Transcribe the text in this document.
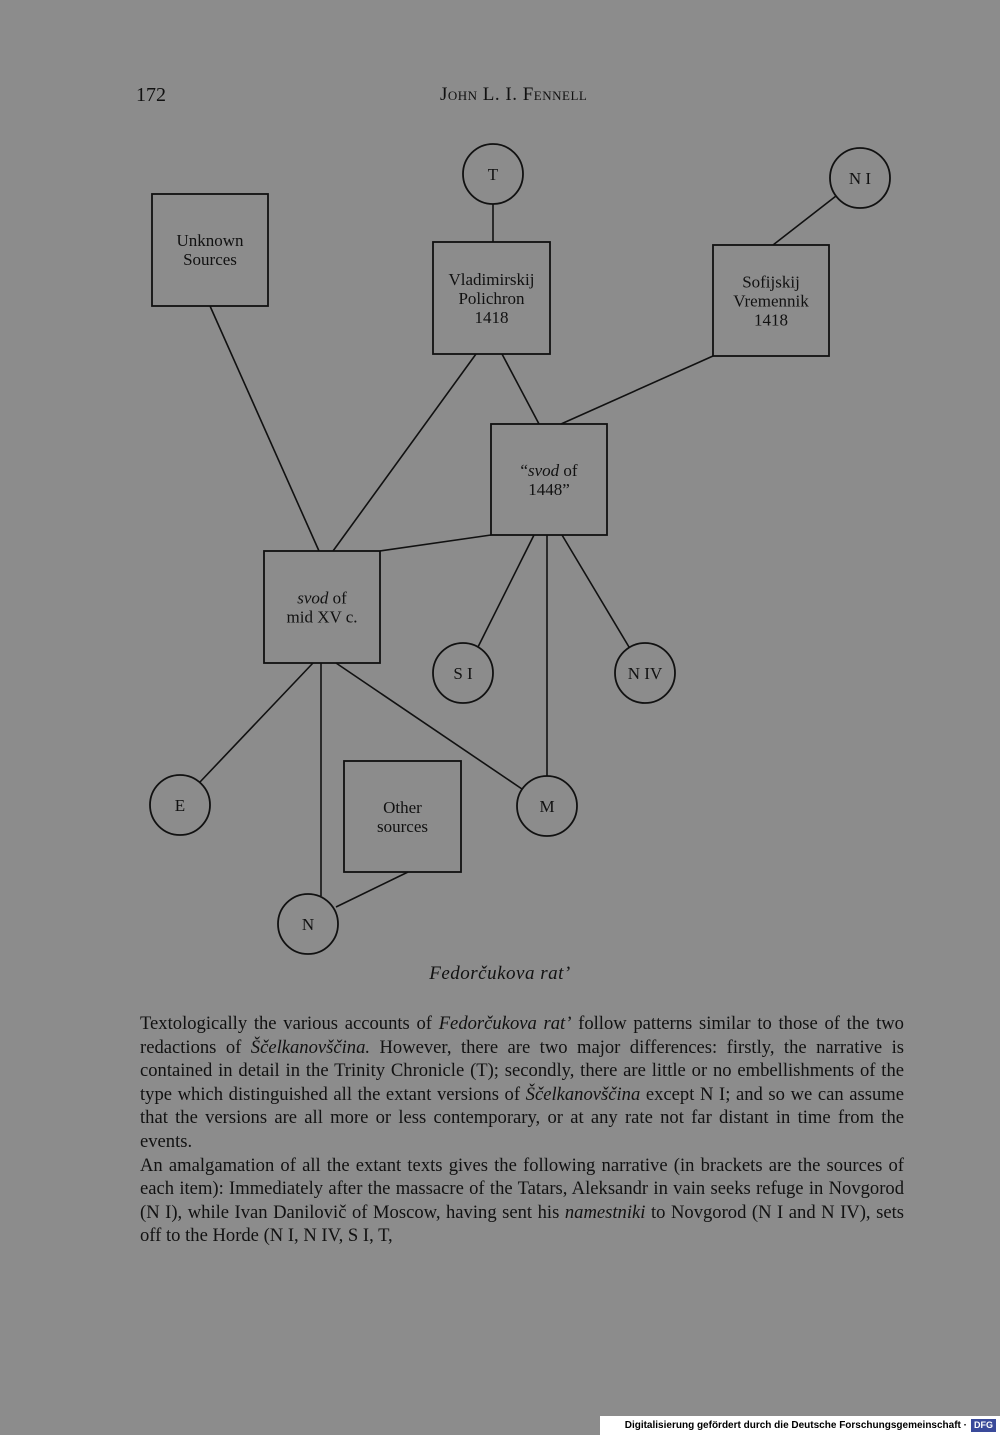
172	John L. I. Fennell
T	N I
Unknown
Sources
Vladimirskij
Polichron
1418
Sofijskij
Vremennik
1418
“svod of
1448”
svod of
mid XV c.
S I	N IV
E	Other
sources
M
N
Fedorčukova rat’

Textologically the various accounts of Fedorčukova rat’ follow patterns similar to those of the two redactions of Ščelkanovščina. However, there are two major differences: firstly, the narrative is contained in detail in the Trinity Chronicle (T); secondly, there are little or no embellishments of the type which distinguished all the extant versions of Ščelkanovščina except N I; and so we can assume that the versions are all more or less contemporary, or at any rate not far distant in time from the events.

An amalgamation of all the extant texts gives the following narrative (in brackets are the sources of each item): Immediately after the massacre of the Tatars, Aleksandr in vain seeks refuge in Novgorod (N I), while Ivan Danilovič of Moscow, having sent his namestniki to Novgorod (N I and N IV), sets off to the Horde (N I, N IV, S I, T,

Digitalisierung gefördert durch die Deutsche Forschungsgemeinschaft · DFG
